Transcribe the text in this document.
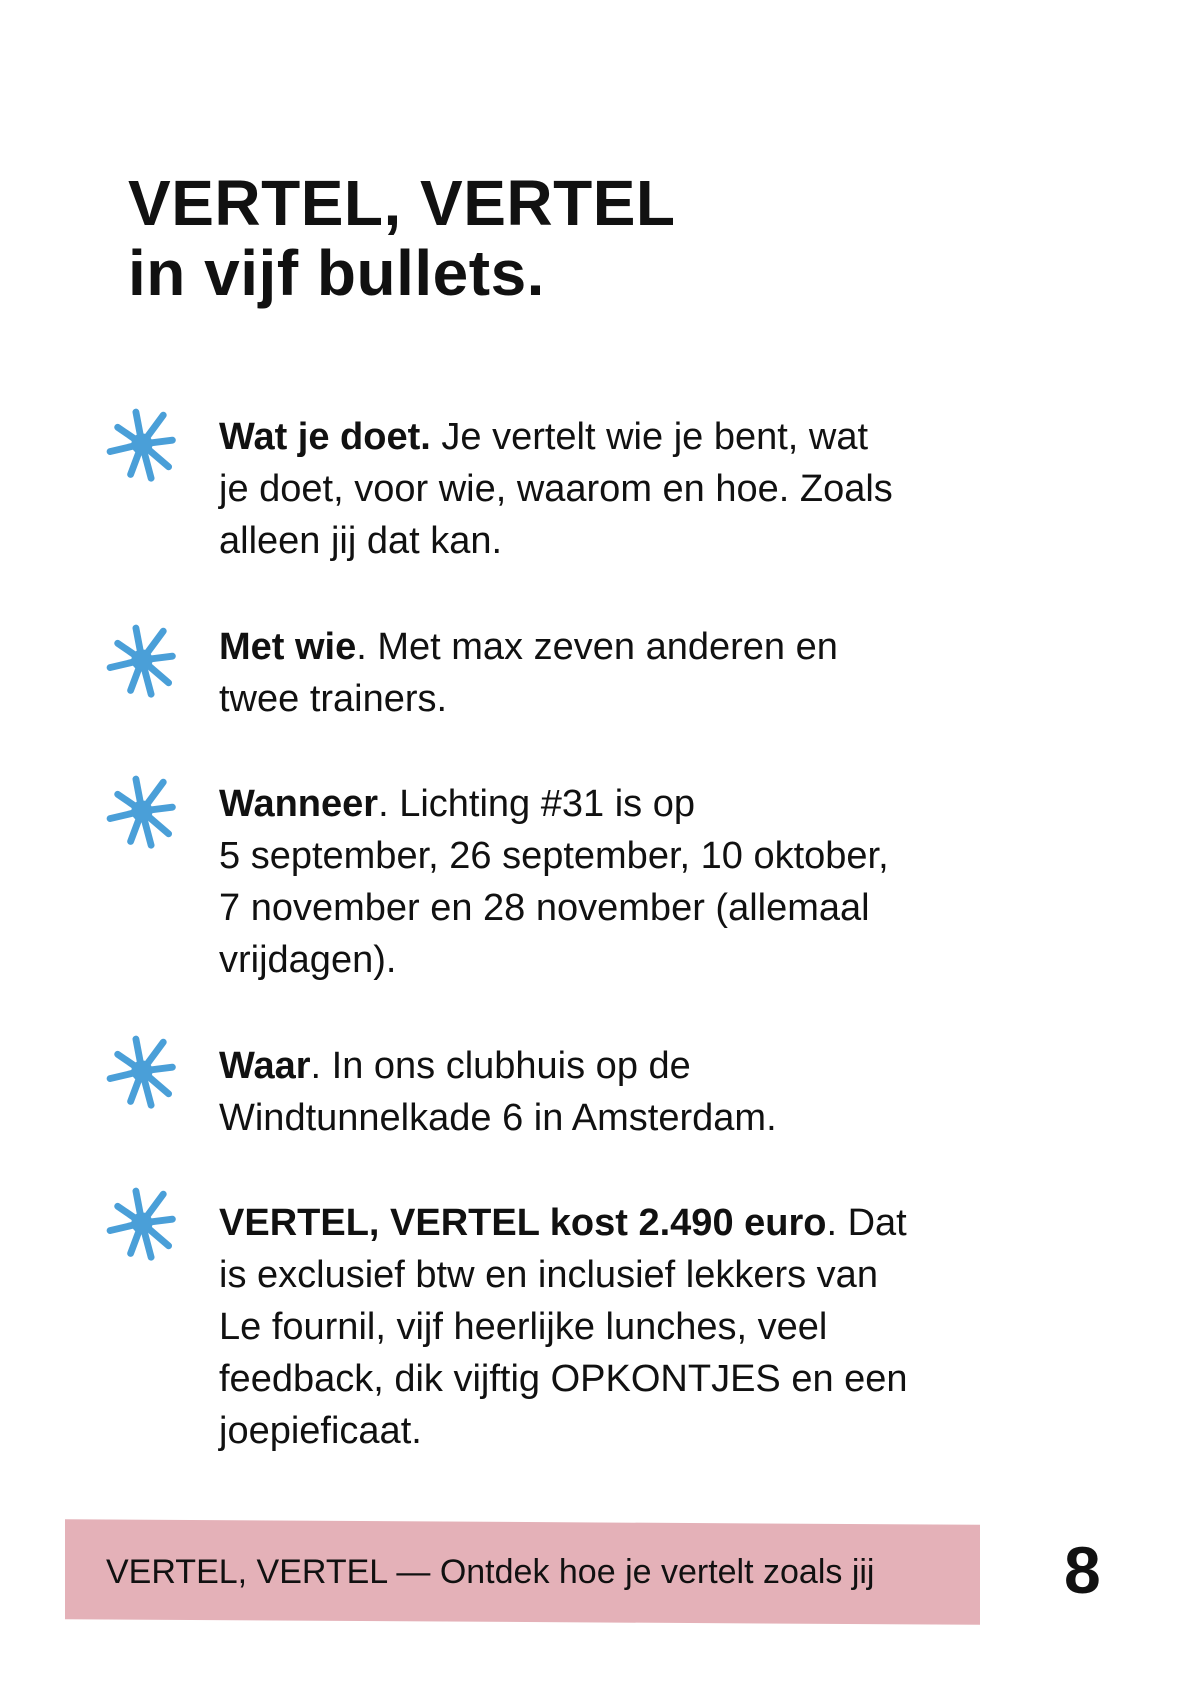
VERTEL, VERTEL
in vijf bullets.
Wat je doet. Je vertelt wie je bent, wat
je doet, voor wie, waarom en hoe. Zoals
alleen jij dat kan.
Met wie. Met max zeven anderen en
twee trainers.
Wanneer. Lichting #31 is op
5 september, 26 september, 10 oktober,
7 november en 28 november (allemaal
vrijdagen).
Waar. In ons clubhuis op de
Windtunnelkade 6 in Amsterdam.
VERTEL, VERTEL kost 2.490 euro. Dat
is exclusief btw en inclusief lekkers van
Le fournil, vijf heerlijke lunches, veel
feedback, dik vijftig OPKONTJES en een
joepieficaat.
VERTEL, VERTEL — Ontdek hoe je vertelt zoals jij	8
